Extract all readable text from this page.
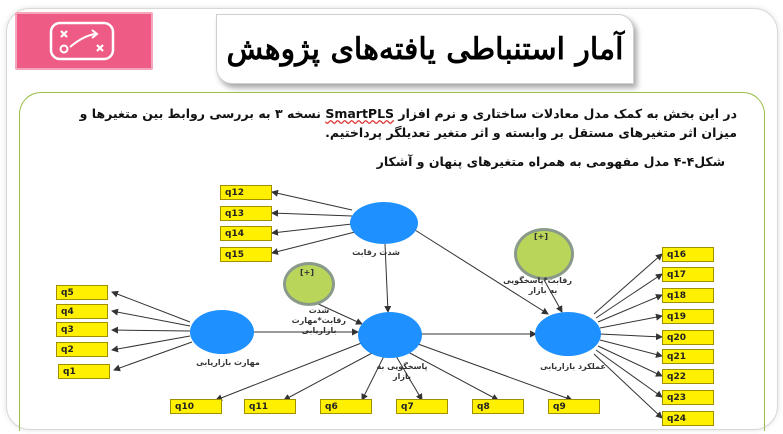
آمار استنباطی یافته‌های پژوهش
در این بخش به کمک مدل معادلات ساختاری و نرم افزار SmartPLS نسخه ۳ به بررسی روابط بین متغیرها و میزان اثر متغیرهای مستقل بر وابسته و اثر متغیر تعدیلگر پرداختیم.
شکل۴-۴ مدل مفهومی به همراه متغیرهای پنهان و آشکار
[+]
[+]
شدت رقابت
مهارت بازاریابی	پاسخگویی به بازار
عملکرد بازاریابی
شدت رقابت*مهارت بازاریابی
رقابت*پاسخگویی به بازار
q12
q13
q14
q15
q5
q4
q3
q2
q1
q10	q11	q6	q7	q8	q9
q16
q17
q18
q19
q20
q21
q22
q23
q24
